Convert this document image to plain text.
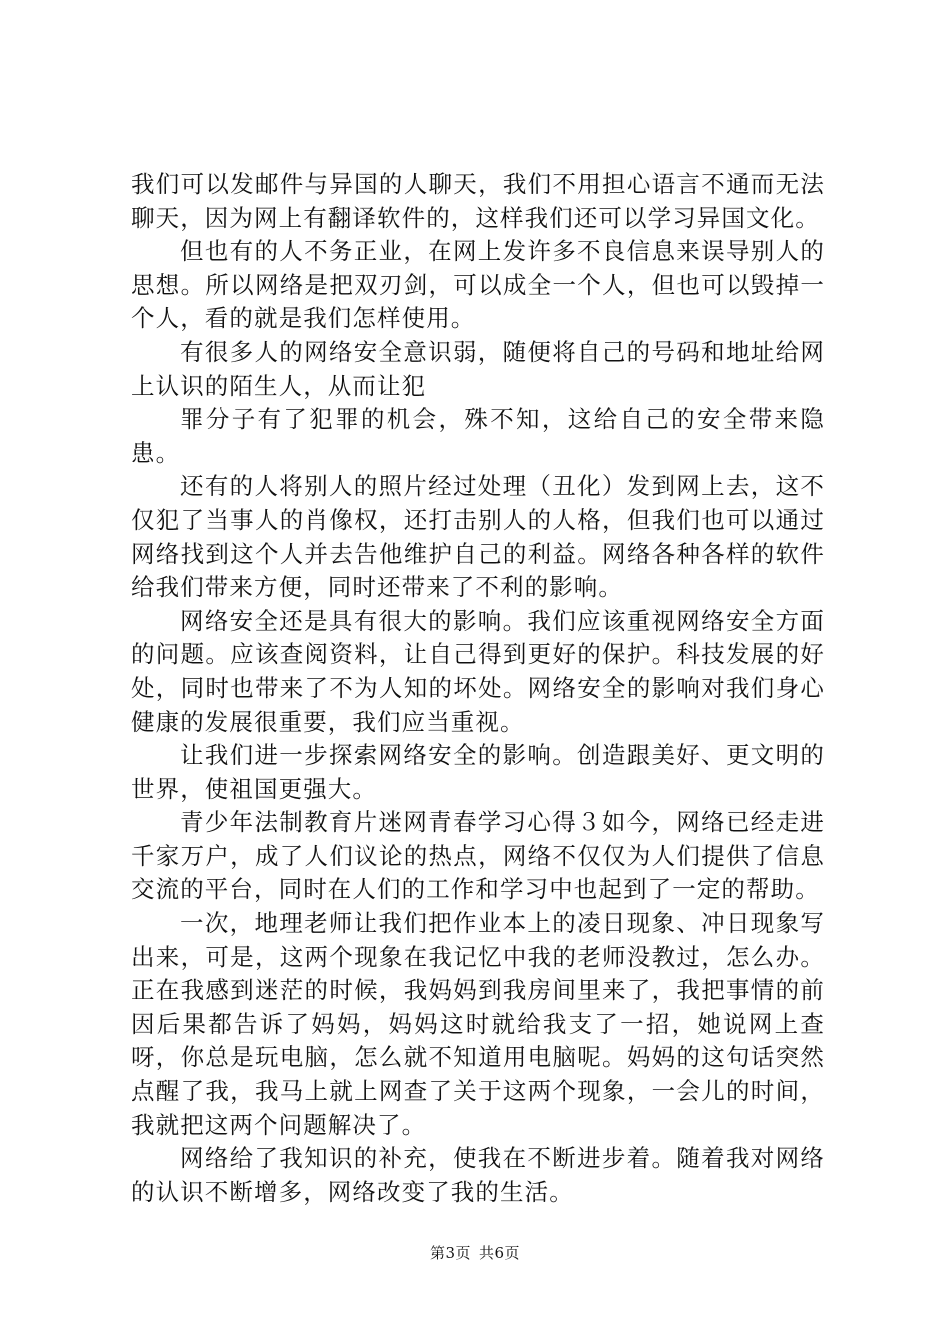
我们可以发邮件与异国的人聊天，我们不用担心语言不通而无法聊天，因为网上有翻译软件的，这样我们还可以学习异国文化。

但也有的人不务正业，在网上发许多不良信息来误导别人的思想。所以网络是把双刃剑，可以成全一个人，但也可以毁掉一个人，看的就是我们怎样使用。

有很多人的网络安全意识弱，随便将自己的号码和地址给网上认识的陌生人，从而让犯

罪分子有了犯罪的机会，殊不知，这给自己的安全带来隐患。

还有的人将别人的照片经过处理（丑化）发到网上去，这不仅犯了当事人的肖像权，还打击别人的人格，但我们也可以通过网络找到这个人并去告他维护自己的利益。网络各种各样的软件给我们带来方便，同时还带来了不利的影响。

网络安全还是具有很大的影响。我们应该重视网络安全方面的问题。应该查阅资料，让自己得到更好的保护。科技发展的好处，同时也带来了不为人知的坏处。网络安全的影响对我们身心健康的发展很重要，我们应当重视。

让我们进一步探索网络安全的影响。创造跟美好、更文明的世界，使祖国更强大。

青少年法制教育片迷网青春学习心得３如今，网络已经走进千家万户，成了人们议论的热点，网络不仅仅为人们提供了信息交流的平台，同时在人们的工作和学习中也起到了一定的帮助。

一次，地理老师让我们把作业本上的凌日现象、冲日现象写出来，可是，这两个现象在我记忆中我的老师没教过，怎么办。正在我感到迷茫的时候，我妈妈到我房间里来了，我把事情的前因后果都告诉了妈妈，妈妈这时就给我支了一招，她说网上查呀，你总是玩电脑，怎么就不知道用电脑呢。妈妈的这句话突然点醒了我，我马上就上网查了关于这两个现象，一会儿的时间，我就把这两个问题解决了。

网络给了我知识的补充，使我在不断进步着。随着我对网络的认识不断增多，网络改变了我的生活。

第3页 共6页
